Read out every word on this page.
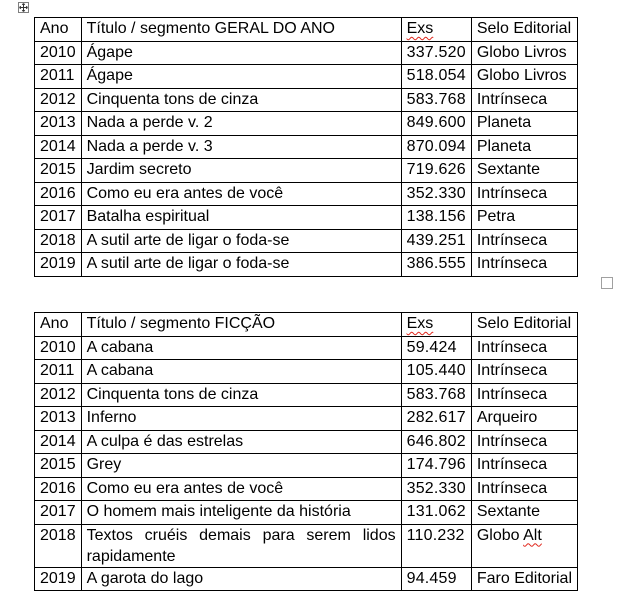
Ano	Título / segmento GERAL DO ANO	Exs	Selo Editorial
2010	Ágape	337.520	Globo Livros
2011	Ágape	518.054	Globo Livros
2012	Cinquenta tons de cinza	583.768	Intrínseca
2013	Nada a perde v. 2	849.600	Planeta
2014	Nada a perde v. 3	870.094	Planeta
2015	Jardim secreto	719.626	Sextante
2016	Como eu era antes de você	352.330	Intrínseca
2017	Batalha espiritual	138.156	Petra
2018	A sutil arte de ligar o foda-se	439.251	Intrínseca
2019	A sutil arte de ligar o foda-se	386.555	Intrínseca
Ano	Título / segmento FICÇÃO	Exs	Selo Editorial
2010	A cabana	59.424	Intrínseca
2011	A cabana	105.440	Intrínseca
2012	Cinquenta tons de cinza	583.768	Intrínseca
2013	Inferno	282.617	Arqueiro
2014	A culpa é das estrelas	646.802	Intrínseca
2015	Grey	174.796	Intrínseca
2016	Como eu era antes de você	352.330	Intrínseca
2017	O homem mais inteligente da história	131.062	Sextante
2018	Textos cruéis demais para serem lidos rapidamente	110.232	Globo Alt
2019	A garota do lago	94.459	Faro Editorial
